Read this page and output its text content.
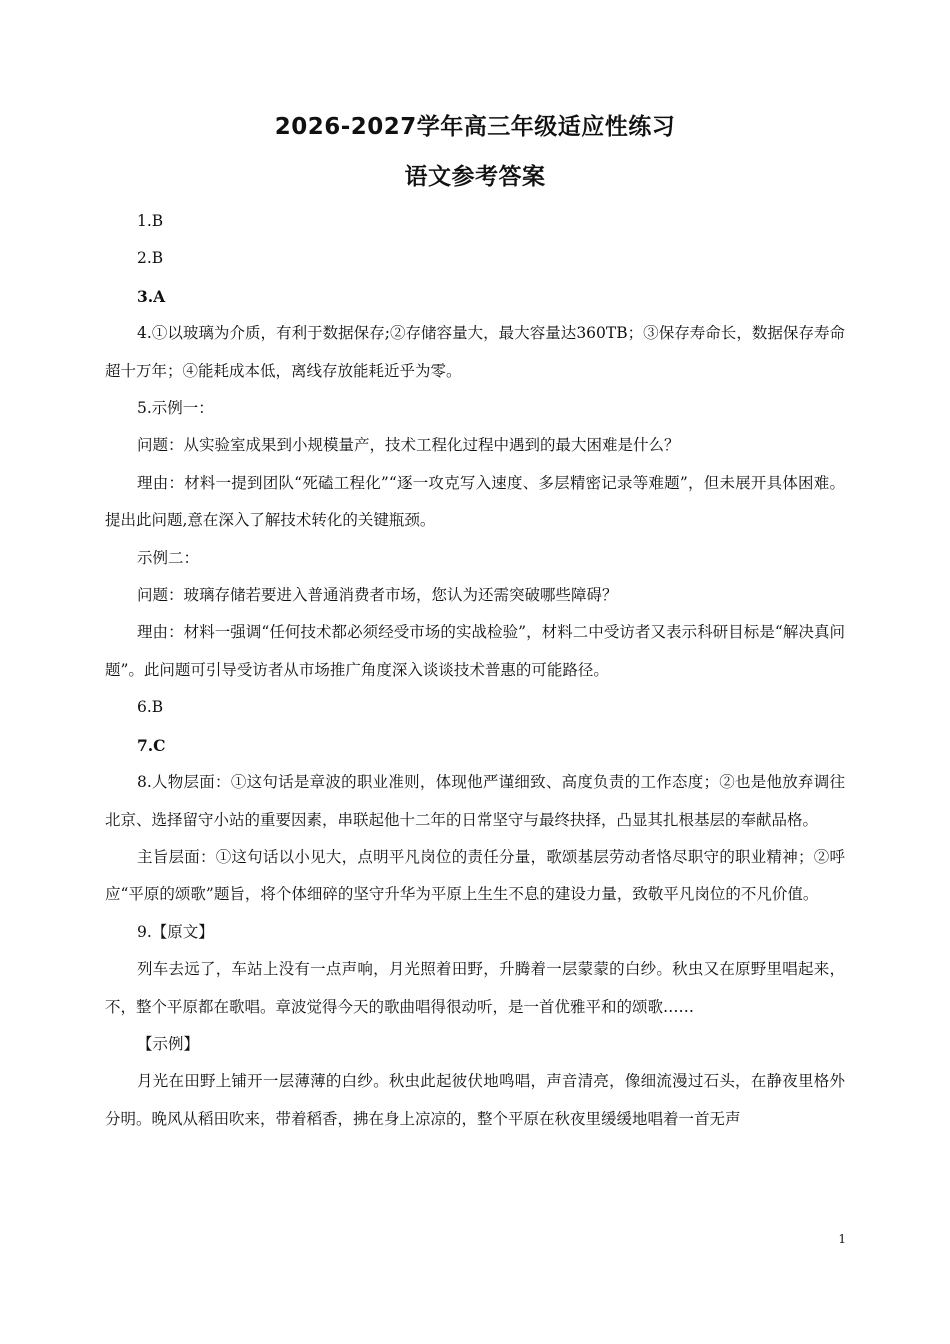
2026-2027学年高三年级适应性练习
语文参考答案

1.B

2.B

3.A

4.①以玻璃为介质，有利于数据保存;②存储容量大，最大容量达360TB；③保存寿命长，数据保存寿命超十万年；④能耗成本低，离线存放能耗近乎为零。

5.示例一：

问题：从实验室成果到小规模量产，技术工程化过程中遇到的最大困难是什么？

理由：材料一提到团队“死磕工程化”“逐一攻克写入速度、多层精密记录等难题”，但未展开具体困难。提出此问题,意在深入了解技术转化的关键瓶颈。

示例二：

问题：玻璃存储若要进入普通消费者市场，您认为还需突破哪些障碍？

理由：材料一强调“任何技术都必须经受市场的实战检验”，材料二中受访者又表示科研目标是“解决真问题”。此问题可引导受访者从市场推广角度深入谈谈技术普惠的可能路径。

6.B

7.C

8.人物层面：①这句话是章波的职业准则，体现他严谨细致、高度负责的工作态度；②也是他放弃调往北京、选择留守小站的重要因素，串联起他十二年的日常坚守与最终抉择，凸显其扎根基层的奉献品格。

主旨层面：①这句话以小见大，点明平凡岗位的责任分量，歌颂基层劳动者恪尽职守的职业精神；②呼应“平原的颂歌”题旨，将个体细碎的坚守升华为平原上生生不息的建设力量，致敬平凡岗位的不凡价值。

9.【原文】

列车去远了，车站上没有一点声响，月光照着田野，升腾着一层蒙蒙的白纱。秋虫又在原野里唱起来，不，整个平原都在歌唱。章波觉得今天的歌曲唱得很动听，是一首优雅平和的颂歌……

【示例】

月光在田野上铺开一层薄薄的白纱。秋虫此起彼伏地鸣唱，声音清亮，像细流漫过石头，在静夜里格外分明。晚风从稻田吹来，带着稻香，拂在身上凉凉的，整个平原在秋夜里缓缓地唱着一首无声

1
